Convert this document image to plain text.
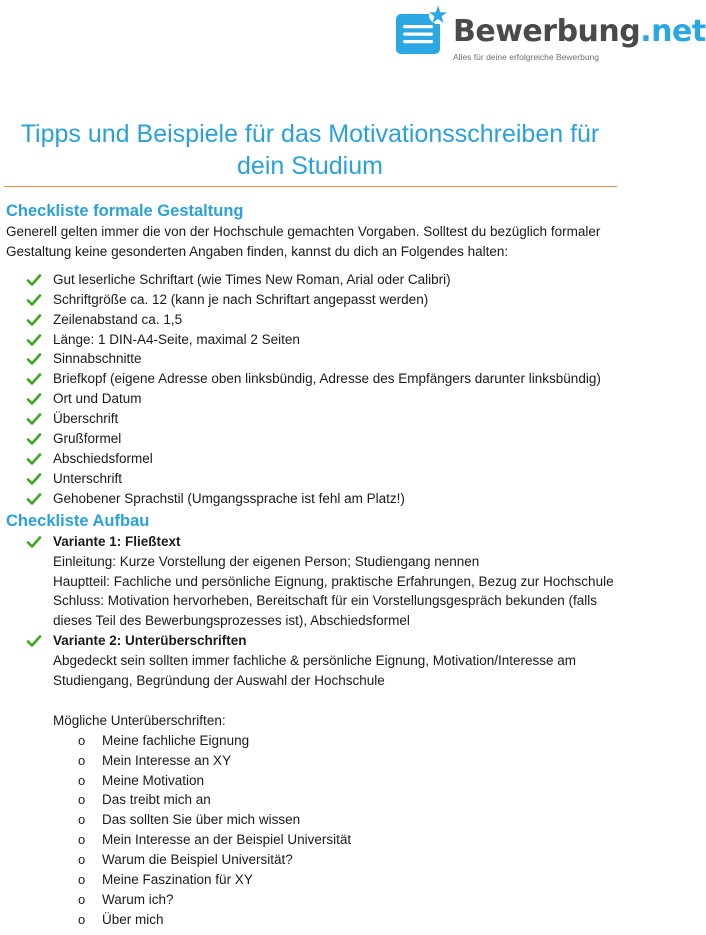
Bewerbung.net
Alles für deine erfolgreiche Bewerbung
Tipps und Beispiele für das Motivationsschreiben für
dein Studium
Checkliste formale Gestaltung

Generell gelten immer die von der Hochschule gemachten Vorgaben. Solltest du bezüglich formaler Gestaltung keine gesonderten Angaben finden, kannst du dich an Folgendes halten:

Gut leserliche Schriftart (wie Times New Roman, Arial oder Calibri)
Schriftgröße ca. 12 (kann je nach Schriftart angepasst werden)
Zeilenabstand ca. 1,5
Länge: 1 DIN-A4-Seite, maximal 2 Seiten
Sinnabschnitte
Briefkopf (eigene Adresse oben linksbündig, Adresse des Empfängers darunter linksbündig)
Ort und Datum
Überschrift
Grußformel
Abschiedsformel
Unterschrift
Gehobener Sprachstil (Umgangssprache ist fehl am Platz!)
Checkliste Aufbau
Variante 1: Fließtext
Einleitung: Kurze Vorstellung der eigenen Person; Studiengang nennen
Hauptteil: Fachliche und persönliche Eignung, praktische Erfahrungen, Bezug zur Hochschule
Schluss: Motivation hervorheben, Bereitschaft für ein Vorstellungsgespräch bekunden (falls dieses Teil des Bewerbungsprozesses ist), Abschiedsformel
Variante 2: Unterüberschriften
Abgedeckt sein sollten immer fachliche & persönliche Eignung, Motivation/Interesse am Studiengang, Begründung der Auswahl der Hochschule
Mögliche Unterüberschriften:
o Meine fachliche Eignung
o Mein Interesse an XY
o Meine Motivation
o Das treibt mich an
o Das sollten Sie über mich wissen
o Mein Interesse an der Beispiel Universität
o Warum die Beispiel Universität?
o Meine Faszination für XY
o Warum ich?
o Über mich
